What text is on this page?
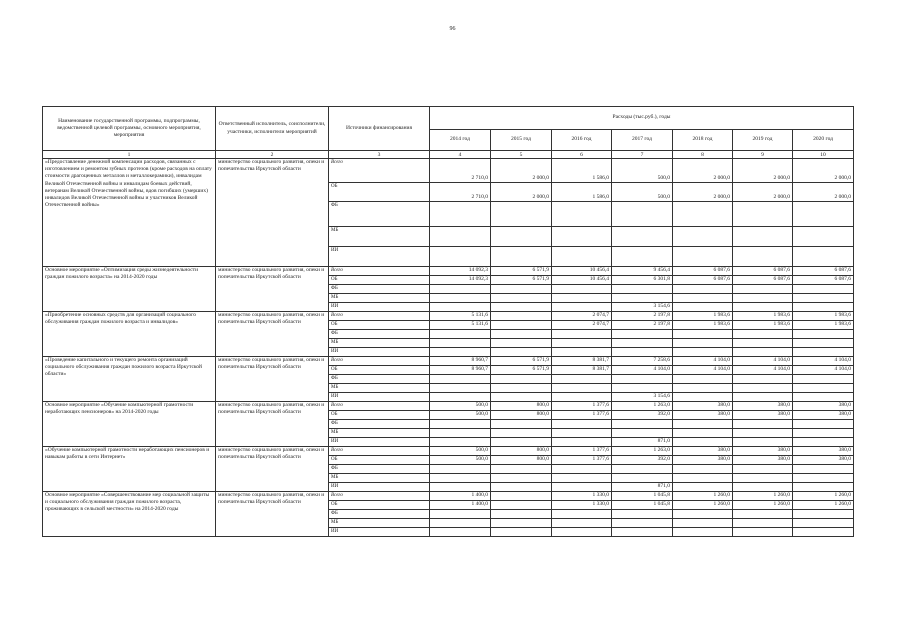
96
Наименование государственной программы, подпрограммы, ведомственной целевой программы, основного мероприятия, мероприятия	Ответственный исполнитель, соисполнители, участники, исполнители мероприятий	Источники финансирования	Расходы (тыс.руб.), годы						
			2014 год	2015 год	2016 год	2017 год	2018 год	2019 год	2020 год
1	2	3	4	5	6	7	8	9	10
«Предоставление денежной компенсации расходов, связанных с изготовлением и ремонтом зубных протезов (кроме расходов на оплату стоимости драгоценных металлов и металлокерамики), инвалидам Великой Отечественной войны и инвалидам боевых действий, ветеранам Великой Отечественной войны, вдов погибших (умерших) инвалидов Великой Отечественной войны и участников Великой Отечественной войны»	министерство социального развития, опеки и попечительства Иркутской области	Всего	2 710,0	2 000,0	1 586,0	500,0	2 000,0	2 000,0	2 000,0
		ОБ	2 710,0	2 000,0	1 586,0	500,0	2 000,0	2 000,0	2 000,0
		ФБ							
		МБ							
		ИИ							
Основное мероприятие «Оптимизация среды жизнедеятельности граждан пожилого возраста» на 2014-2020 годы	министерство социального развития, опеки и попечительства Иркутской области	Всего	14 092,3	6 571,9	10 456,4	9 456,4	6 087,6	6 087,6	6 087,6
		ОБ	14 092,3	6 571,9	10 456,4	6 301,8	6 087,6	6 087,6	6 087,6
		ФБ							
		МБ							
		ИИ				3 154,6			
«Приобретение основных средств для организаций социального обслуживания граждан пожилого возраста и инвалидов»	министерство социального развития, опеки и попечительства Иркутской области	Всего	5 131,6		2 074,7	2 197,8	1 983,6	1 983,6	1 983,6
		ОБ	5 131,6		2 074,7	2 197,8	1 983,6	1 983,6	1 983,6
		ФБ							
		МБ							
		ИИ							
«Проведение капитального и текущего ремонта организаций социального обслуживания граждан пожилого возраста Иркутской области»	министерство социального развития, опеки и попечительства Иркутской области	Всего	8 960,7	6 571,9	8 381,7	7 258,6	4 104,0	4 104,0	4 104,0
		ОБ	8 960,7	6 571,9	8 381,7	4 104,0	4 104,0	4 104,0	4 104,0
		ФБ							
		МБ							
		ИИ				3 154,6			
Основное мероприятие «Обучение компьютерной грамотности неработающих пенсионеров» на 2014-2020 годы	министерство социального развития, опеки и попечительства Иркутской области	Всего	500,0	800,0	1 377,6	1 263,0	380,0	380,0	380,0
		ОБ	500,0	800,0	1 377,6	392,0	380,0	380,0	380,0
		ФБ							
		МБ							
		ИИ				871,0			
«Обучение компьютерной грамотности неработающих пенсионеров и навыкам работы в сети Интернет»	министерство социального развития, опеки и попечительства Иркутской области	Всего	500,0	800,0	1 377,6	1 263,0	380,0	380,0	380,0
		ОБ	500,0	800,0	1 377,6	392,0	380,0	380,0	380,0
		ФБ							
		МБ							
		ИИ				871,0			
Основное мероприятие «Совершенствование мер социальной защиты и социального обслуживания граждан пожилого возраста, проживающих в сельской местности» на 2014-2020 годы	министерство социального развития, опеки и попечительства Иркутской области	Всего	1 400,0		1 330,0	1 045,8	1 260,0	1 260,0	1 260,0
		ОБ	1 400,0		1 330,0	1 045,8	1 260,0	1 260,0	1 260,0
		ФБ							
		МБ							
		ИИ							
